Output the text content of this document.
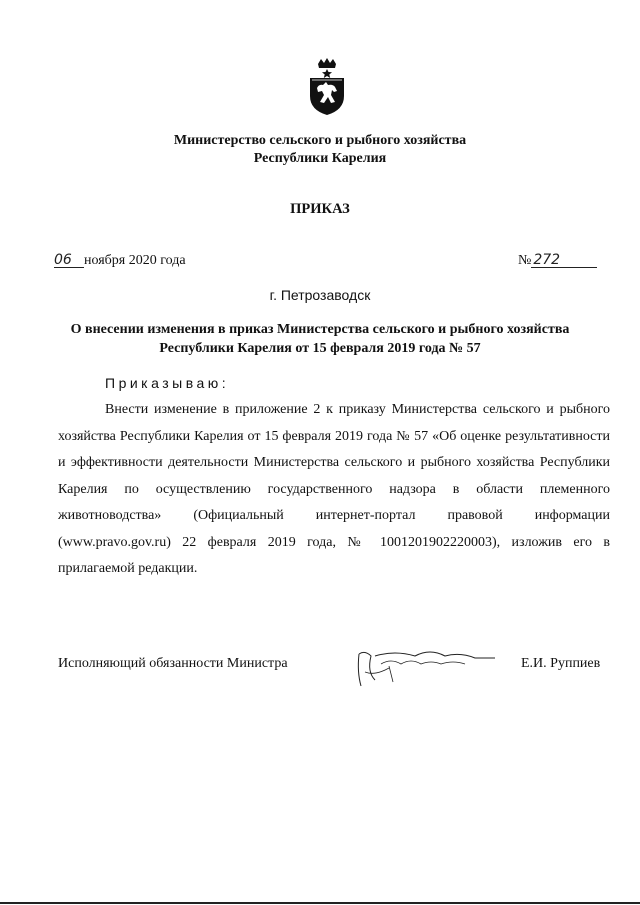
Министерство сельского и рыбного хозяйства
Республики Карелия
ПРИКАЗ
06 ноября 2020 года	№ 272
г. Петрозаводск
О внесении изменения в приказ Министерства сельского и рыбного хозяйства
Республики Карелия от 15 февраля 2019 года № 57
Приказываю:
Внести изменение в приложение 2 к приказу Министерства сельского и рыбного хозяйства Республики Карелия от 15 февраля 2019 года № 57 «Об оценке результативности и эффективности деятельности Министерства сельского и рыбного хозяйства Республики Карелия по осуществлению государственного надзора в области племенного животноводства» (Официальный интернет-портал правовой информации (www.pravo.gov.ru) 22 февраля 2019 года, № 1001201902220003), изложив его в прилагаемой редакции.
Исполняющий обязанности Министра	Е.И. Руппиев
